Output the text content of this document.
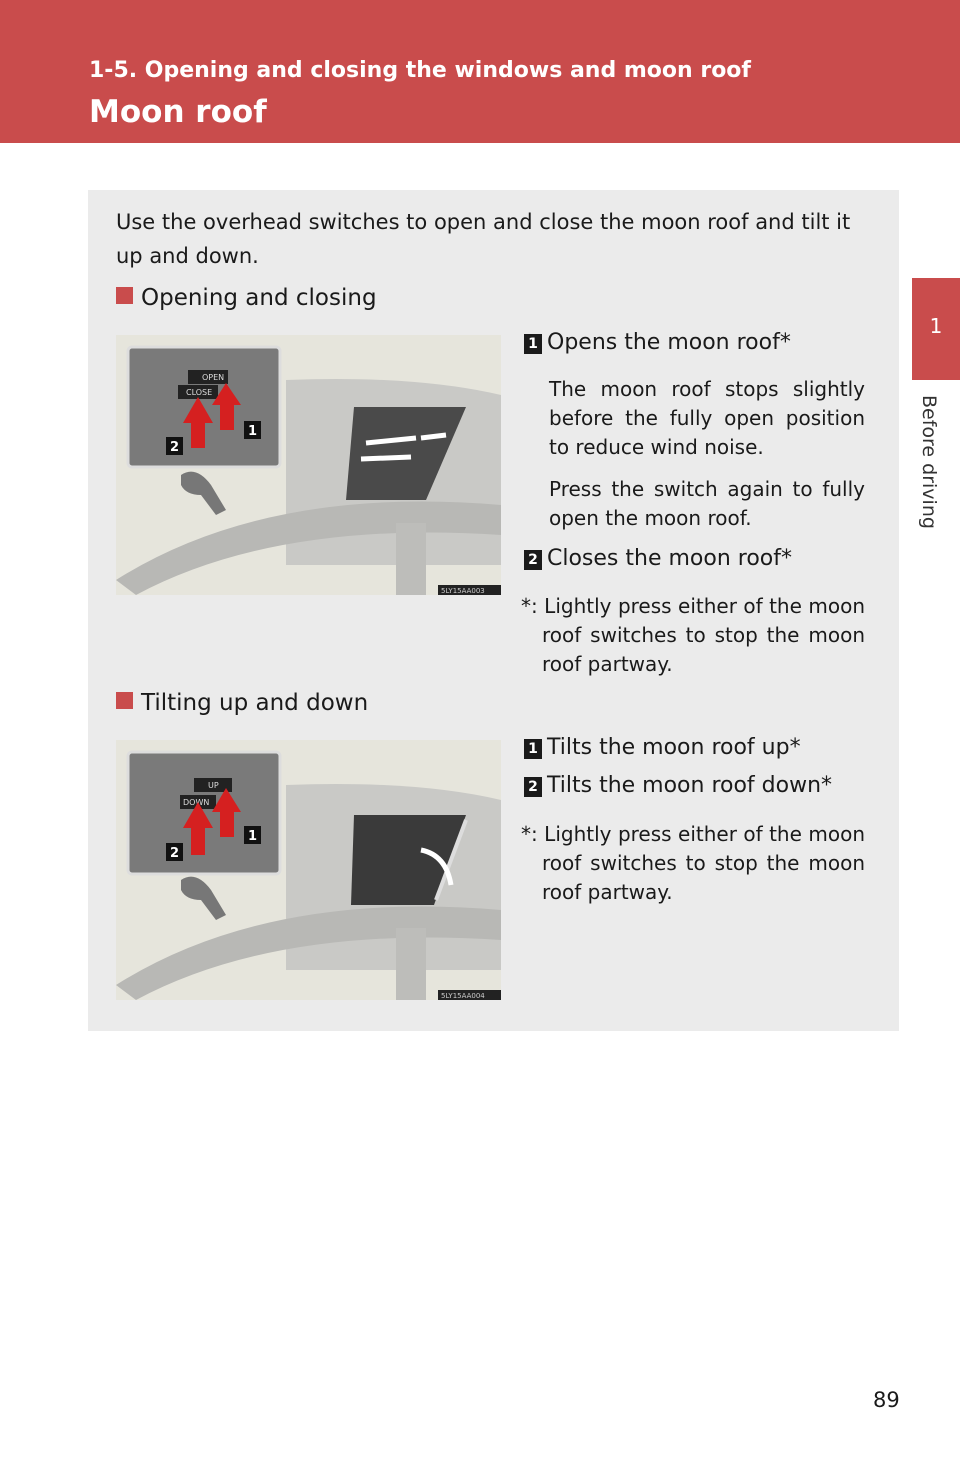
1-5. Opening and closing the windows and moon roof
Moon roof
1
Before driving
Use the overhead switches to open and close the moon roof and tilt it up and down.
Opening and closing
OPEN
CLOSE
1
2
5LY15AA003
1 Opens the moon roof*
The moon roof stops slightly before the fully open position to reduce wind noise.
Press the switch again to fully open the moon roof.
2 Closes the moon roof*
*: Lightly press either of the moon roof switches to stop the moon roof partway.
Tilting up and down
UP
DOWN
1
2
5LY15AA004
1 Tilts the moon roof up*
2 Tilts the moon roof down*
*: Lightly press either of the moon roof switches to stop the moon roof partway.
89
